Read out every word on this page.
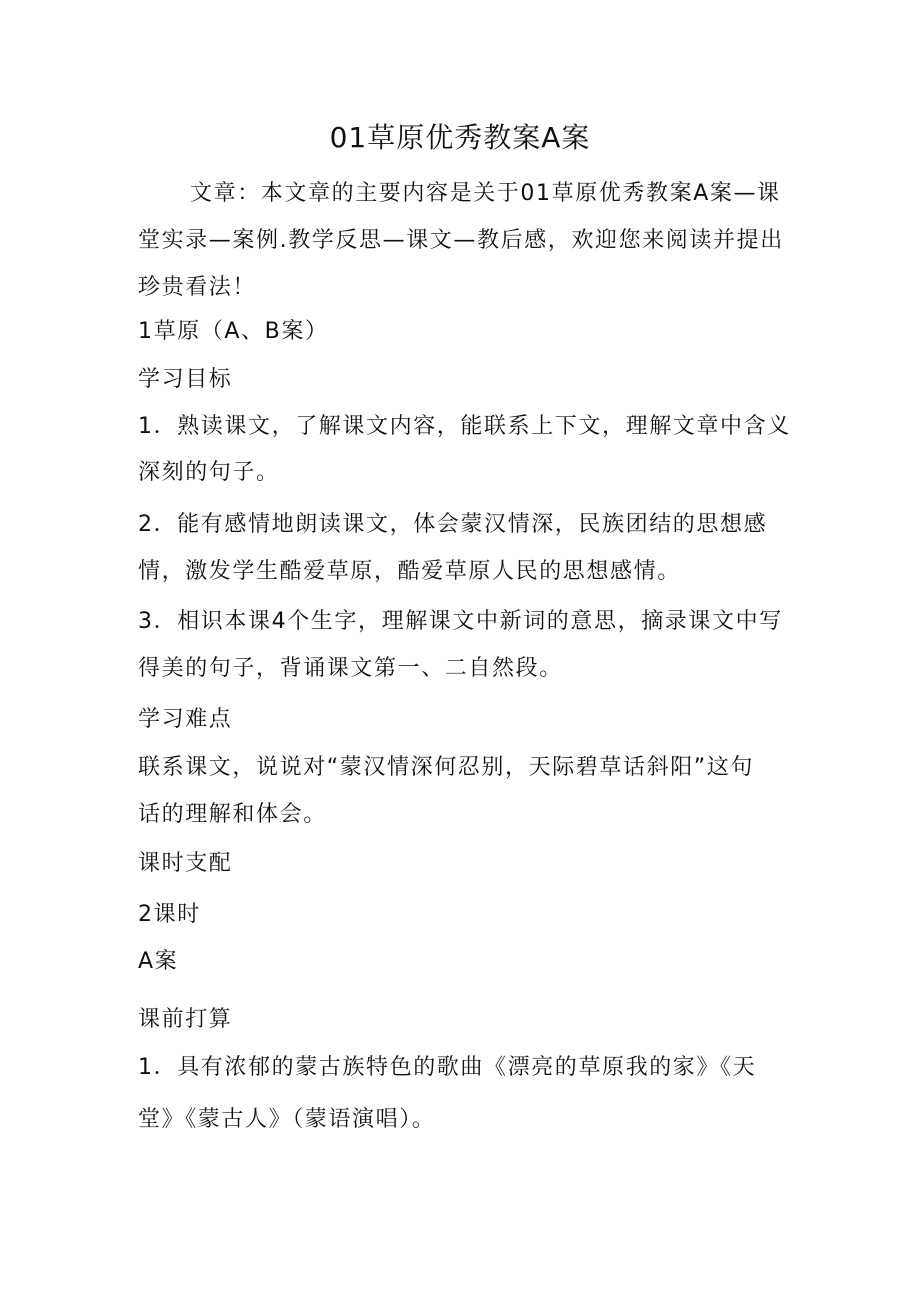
01草原优秀教案A案
文章：本文章的主要内容是关于01草原优秀教案A案—课堂实录—案例.教学反思—课文—教后感，欢迎您来阅读并提出珍贵看法！
1草原（A、B案）
学习目标
1．熟读课文，了解课文内容，能联系上下文，理解文章中含义
深刻的句子。
2．能有感情地朗读课文，体会蒙汉情深，民族团结的思想感
情，激发学生酷爱草原，酷爱草原人民的思想感情。
3．相识本课4个生字，理解课文中新词的意思，摘录课文中写
得美的句子，背诵课文第一、二自然段。
学习难点
联系课文，说说对“蒙汉情深何忍别，天际碧草话斜阳”这句
话的理解和体会。
课时支配
2课时
A案
课前打算
1．具有浓郁的蒙古族特色的歌曲《漂亮的草原我的家》《天
堂》《蒙古人》（蒙语演唱）。
